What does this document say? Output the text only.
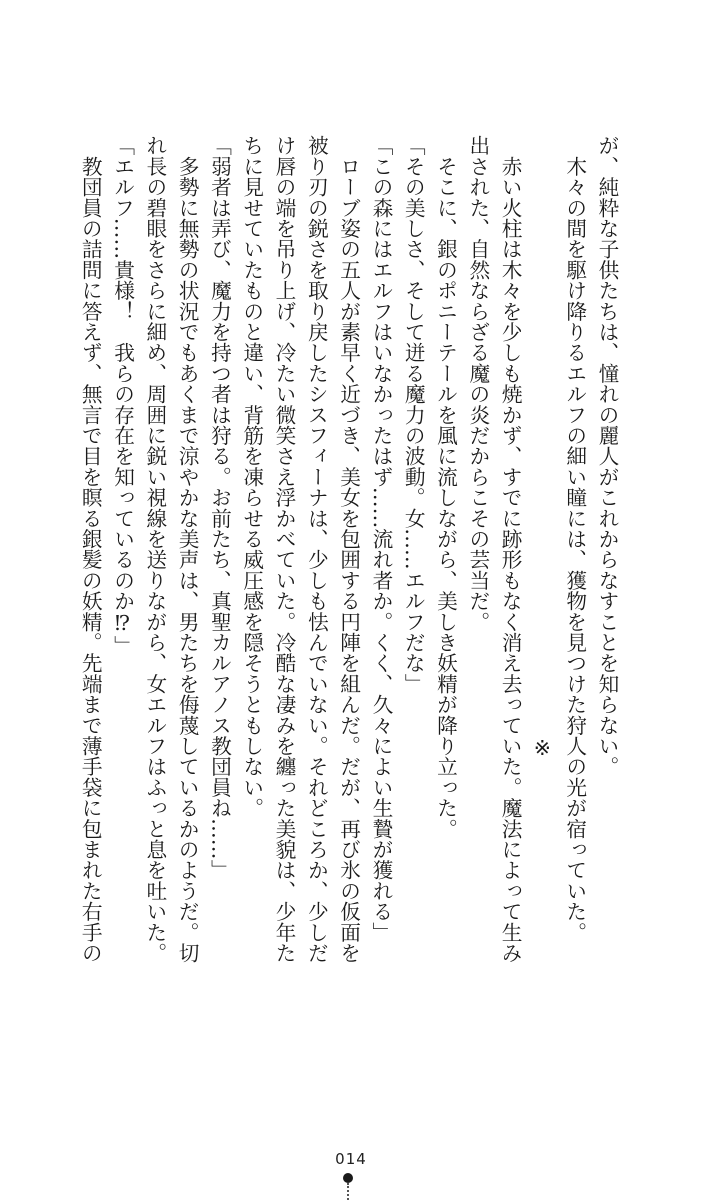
が、純粋な子供たちは、憧れの麗人がこれからなすことを知らない。

　木々の間を駆け降りるエルフの細い瞳には、獲物を見つけた狩人の光が宿っていた。

※

　赤い火柱は木々を少しも焼かず、すでに跡形もなく消え去っていた。魔法によって生み

出された、自然ならざる魔の炎だからこその芸当だ。

　そこに、銀のポニーテールを風に流しながら、美しき妖精が降り立った。

「その美しさ、そして迸る魔力の波動。女……エルフだな」

「この森にはエルフはいなかったはず……流れ者か。くく、久々によい生贄が獲れる」

　ローブ姿の五人が素早く近づき、美女を包囲する円陣を組んだ。だが、再び氷の仮面を

被り刃の鋭さを取り戻したシスフィーナは、少しも怯んでいない。それどころか、少しだ

け唇の端を吊り上げ、冷たい微笑さえ浮かべていた。冷酷な凄みを纏った美貌は、少年た

ちに見せていたものと違い、背筋を凍らせる威圧感を隠そうともしない。

「弱者は弄び、魔力を持つ者は狩る。お前たち、真聖カルアノス教団員ね……」

　多勢に無勢の状況でもあくまで涼やかな美声は、男たちを侮蔑しているかのようだ。切

れ長の碧眼をさらに細め、周囲に鋭い視線を送りながら、女エルフはふっと息を吐いた。

「エルフ……貴様！　我らの存在を知っているのか⁉」

　教団員の詰問に答えず、無言で目を瞑る銀髪の妖精。先端まで薄手袋に包まれた右手の

014
